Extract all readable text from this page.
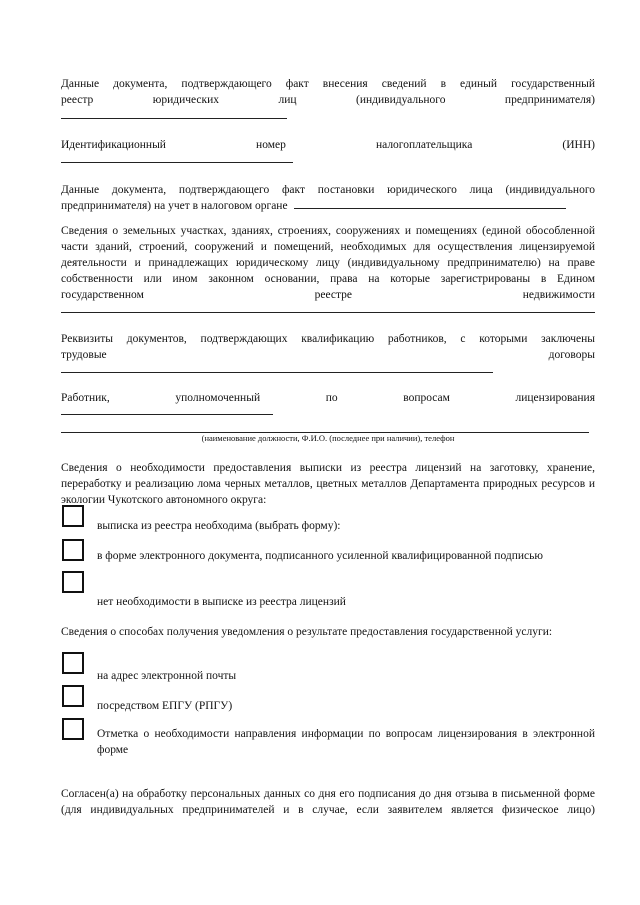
Данные документа, подтверждающего факт внесения сведений в единый государственный
реестр юридических лиц (индивидуального предпринимателя)
Идентификационный номер налогоплательщика (ИНН)
Данные документа, подтверждающего факт постановки юридического лица (индивидуального
предпринимателя) на учет в налоговом органе
Сведения о земельных участках, зданиях, строениях, сооружениях и помещениях (единой обособленной части зданий, строений, сооружений и помещений, необходимых для осуществления лицензируемой деятельности и принадлежащих юридическому лицу (индивидуальному предпринимателю) на праве собственности или ином законном основании, права на которые зарегистрированы в Едином государственном реестре недвижимости
Реквизиты документов, подтверждающих квалификацию работников, с которыми заключены
трудовые договоры
Работник, уполномоченный по вопросам лицензирования
(наименование должности, Ф.И.О. (последнее при наличии), телефон
Сведения о необходимости предоставления выписки из реестра лицензий на заготовку, хранение, переработку и реализацию лома черных металлов, цветных металлов Департамента природных ресурсов и экологии Чукотского автономного округа:
выписка из реестра необходима (выбрать форму):
в форме электронного документа, подписанного усиленной квалифицированной подписью
нет необходимости в выписке из реестра лицензий
Сведения о способах получения уведомления о результате предоставления государственной услуги:
на адрес электронной почты
посредством ЕПГУ (РПГУ)
Отметка о необходимости направления информации по вопросам лицензирования в электронной форме
Согласен(а) на обработку персональных данных со дня его подписания до дня отзыва в письменной форме (для индивидуальных предпринимателей и в случае, если заявителем является физическое лицо)
